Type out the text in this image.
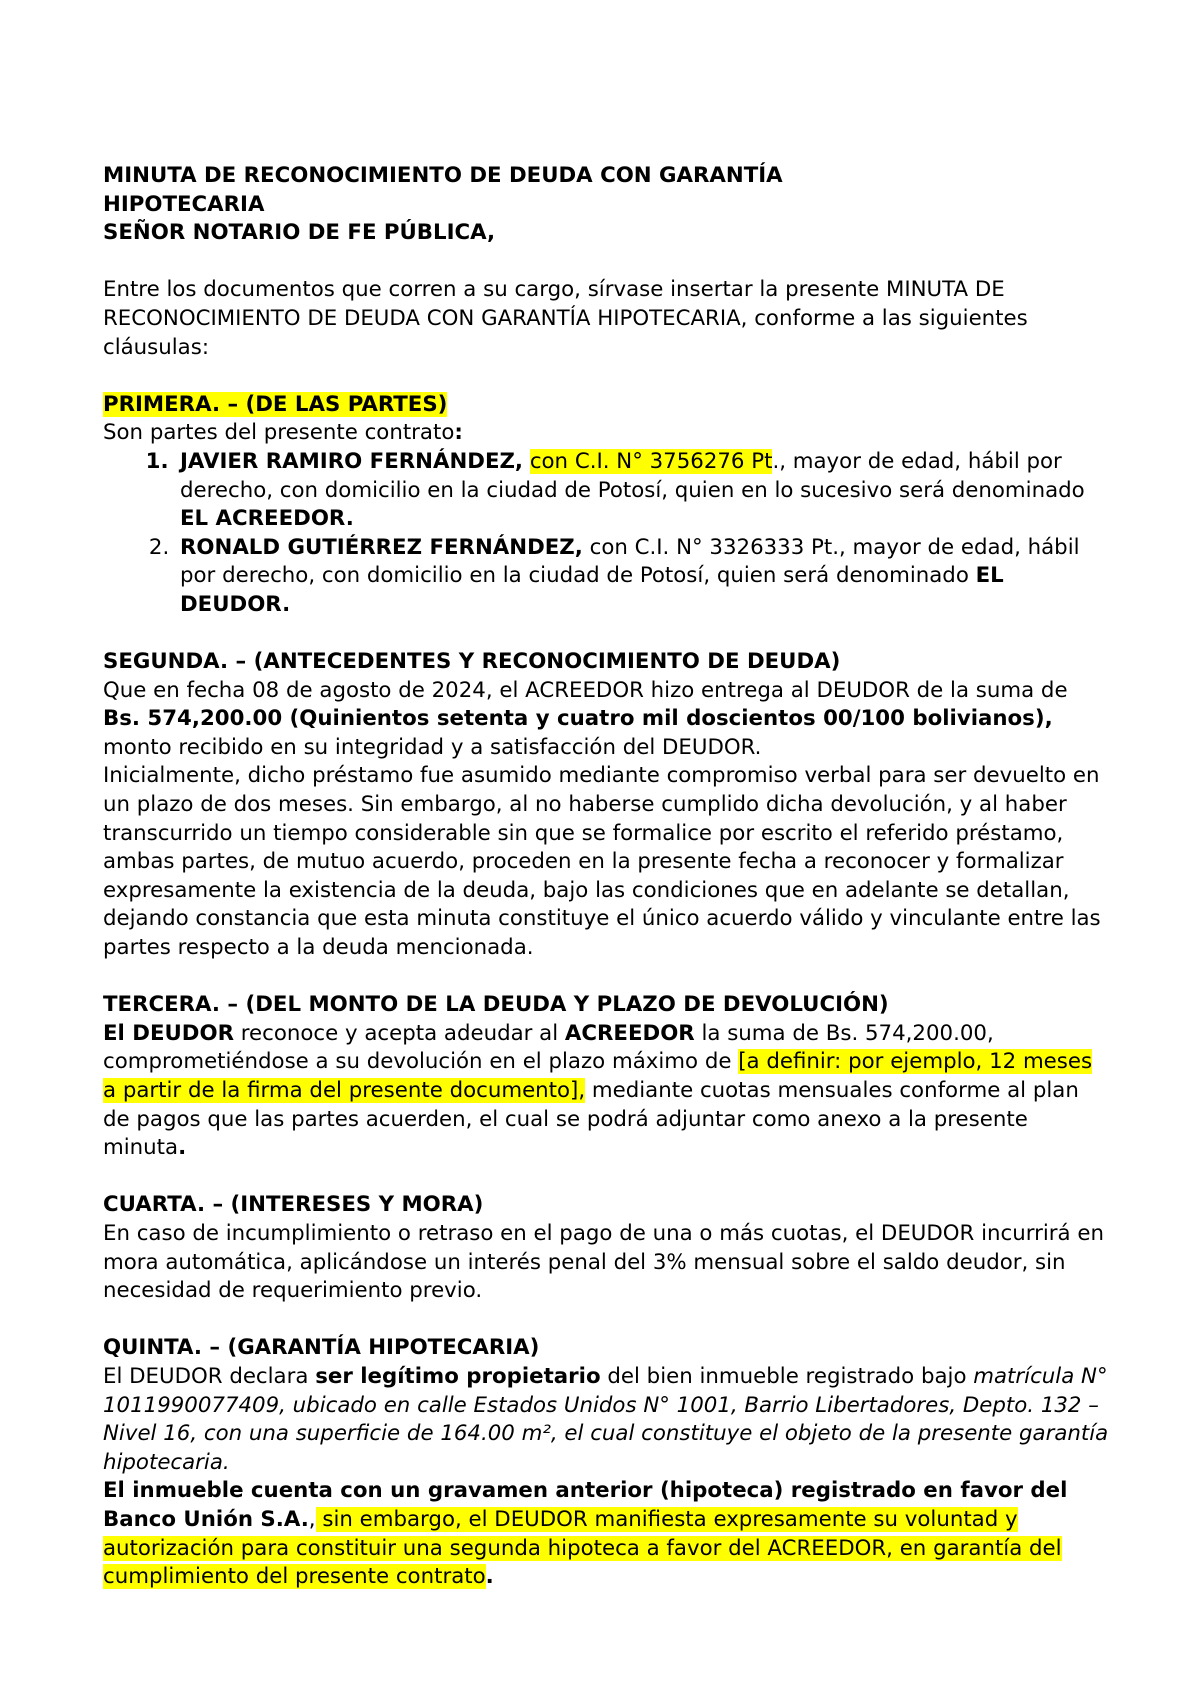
MINUTA DE RECONOCIMIENTO DE DEUDA CON GARANTÍA
HIPOTECARIA

SEÑOR NOTARIO DE FE PÚBLICA,

Entre los documentos que corren a su cargo, sírvase insertar la presente MINUTA DE RECONOCIMIENTO DE DEUDA CON GARANTÍA HIPOTECARIA, conforme a las siguientes cláusulas:

PRIMERA. – (DE LAS PARTES)

Son partes del presente contrato:

1. JAVIER RAMIRO FERNÁNDEZ, con C.I. N° 3756276 Pt., mayor de edad, hábil por derecho, con domicilio en la ciudad de Potosí, quien en lo sucesivo será denominado EL ACREEDOR.
2. RONALD GUTIÉRREZ FERNÁNDEZ, con C.I. N° 3326333 Pt., mayor de edad, hábil por derecho, con domicilio en la ciudad de Potosí, quien será denominado EL DEUDOR.

SEGUNDA. – (ANTECEDENTES Y RECONOCIMIENTO DE DEUDA)

Que en fecha 08 de agosto de 2024, el ACREEDOR hizo entrega al DEUDOR de la suma de Bs. 574,200.00 (Quinientos setenta y cuatro mil doscientos 00/100 bolivianos), monto recibido en su integridad y a satisfacción del DEUDOR.

Inicialmente, dicho préstamo fue asumido mediante compromiso verbal para ser devuelto en un plazo de dos meses. Sin embargo, al no haberse cumplido dicha devolución, y al haber transcurrido un tiempo considerable sin que se formalice por escrito el referido préstamo, ambas partes, de mutuo acuerdo, proceden en la presente fecha a reconocer y formalizar expresamente la existencia de la deuda, bajo las condiciones que en adelante se detallan, dejando constancia que esta minuta constituye el único acuerdo válido y vinculante entre las partes respecto a la deuda mencionada.

TERCERA. – (DEL MONTO DE LA DEUDA Y PLAZO DE DEVOLUCIÓN)

El DEUDOR reconoce y acepta adeudar al ACREEDOR la suma de Bs. 574,200.00, comprometiéndose a su devolución en el plazo máximo de [a definir: por ejemplo, 12 meses a partir de la firma del presente documento], mediante cuotas mensuales conforme al plan de pagos que las partes acuerden, el cual se podrá adjuntar como anexo a la presente minuta.

CUARTA. – (INTERESES Y MORA)

En caso de incumplimiento o retraso en el pago de una o más cuotas, el DEUDOR incurrirá en mora automática, aplicándose un interés penal del 3% mensual sobre el saldo deudor, sin necesidad de requerimiento previo.

QUINTA. – (GARANTÍA HIPOTECARIA)

El DEUDOR declara ser legítimo propietario del bien inmueble registrado bajo matrícula N° 1011990077409, ubicado en calle Estados Unidos N° 1001, Barrio Libertadores, Depto. 132 – Nivel 16, con una superficie de 164.00 m², el cual constituye el objeto de la presente garantía hipotecaria.

El inmueble cuenta con un gravamen anterior (hipoteca) registrado en favor del Banco Unión S.A., sin embargo, el DEUDOR manifiesta expresamente su voluntad y autorización para constituir una segunda hipoteca a favor del ACREEDOR, en garantía del cumplimiento del presente contrato.
